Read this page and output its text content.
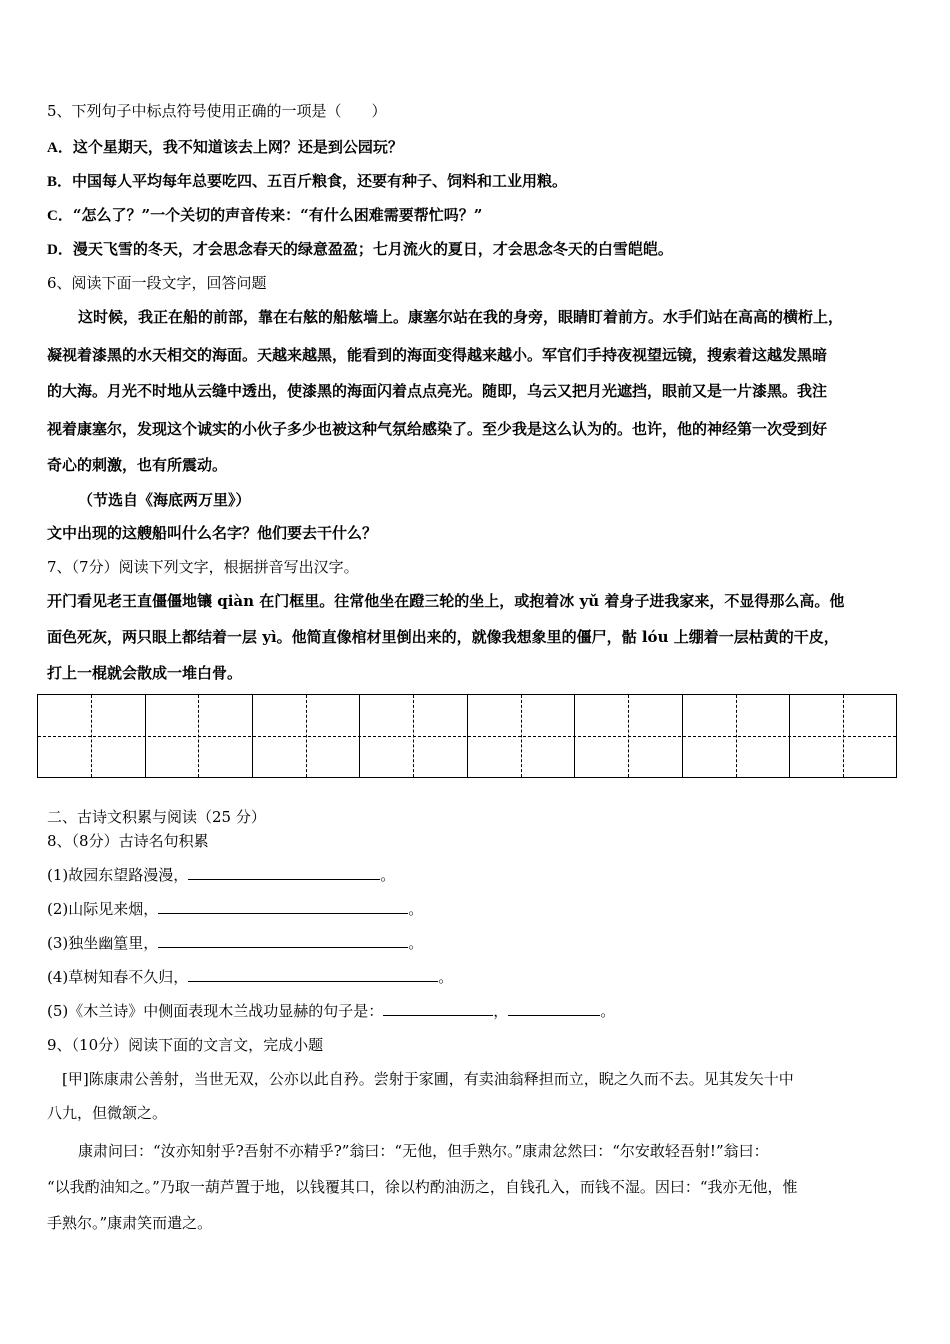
5、下列句子中标点符号使用正确的一项是（　　）
A．这个星期天，我不知道该去上网？还是到公园玩？
B．中国每人平均每年总要吃四、五百斤粮食，还要有种子、饲料和工业用粮。
C．“怎么了？”一个关切的声音传来：“有什么困难需要帮忙吗？”
D．漫天飞雪的冬天，才会思念春天的绿意盈盈；七月流火的夏日，才会思念冬天的白雪皑皑。
6、阅读下面一段文字，回答问题
这时候，我正在船的前部，靠在右舷的船舷墙上。康塞尔站在我的身旁，眼睛盯着前方。水手们站在高高的横桁上，
凝视着漆黑的水天相交的海面。天越来越黑，能看到的海面变得越来越小。军官们手持夜视望远镜，搜索着这越发黑暗
的大海。月光不时地从云缝中透出，使漆黑的海面闪着点点亮光。随即，乌云又把月光遮挡，眼前又是一片漆黑。我注
视着康塞尔，发现这个诚实的小伙子多少也被这种气氛给感染了。至少我是这么认为的。也许，他的神经第一次受到好
奇心的刺激，也有所震动。
（节选自《海底两万里》）
文中出现的这艘船叫什么名字？他们要去干什么？
7、（7分）阅读下列文字，根据拼音写出汉字。
开门看见老王直僵僵地镶 qiàn 在门框里。往常他坐在蹬三轮的坐上，或抱着冰 yǔ 着身子进我家来，不显得那么高。他
面色死灰，两只眼上都结着一层 yì。他简直像棺材里倒出来的，就像我想象里的僵尸，骷 lóu 上绷着一层枯黄的干皮，
打上一棍就会散成一堆白骨。
二、古诗文积累与阅读（25 分）
8、（8分）古诗名句积累
(1)故园东望路漫漫，	。
(2)山际见来烟，	。
(3)独坐幽篁里，	。
(4)草树知春不久归，	。
(5)《木兰诗》中侧面表现木兰战功显赫的句子是：	，	。
9、（10分）阅读下面的文言文，完成小题
[甲]陈康肃公善射，当世无双，公亦以此自矜。尝射于家圃，有卖油翁释担而立，睨之久而不去。见其发矢十中
八九，但微颔之。
康肃问曰：“汝亦知射乎?吾射不亦精乎?”翁曰：“无他，但手熟尔。”康肃忿然曰：“尔安敢轻吾射!”翁曰：
“以我酌油知之。”乃取一葫芦置于地，以钱覆其口，徐以杓酌油沥之，自钱孔入，而钱不湿。因曰：“我亦无他，惟
手熟尔。”康肃笑而遣之。
